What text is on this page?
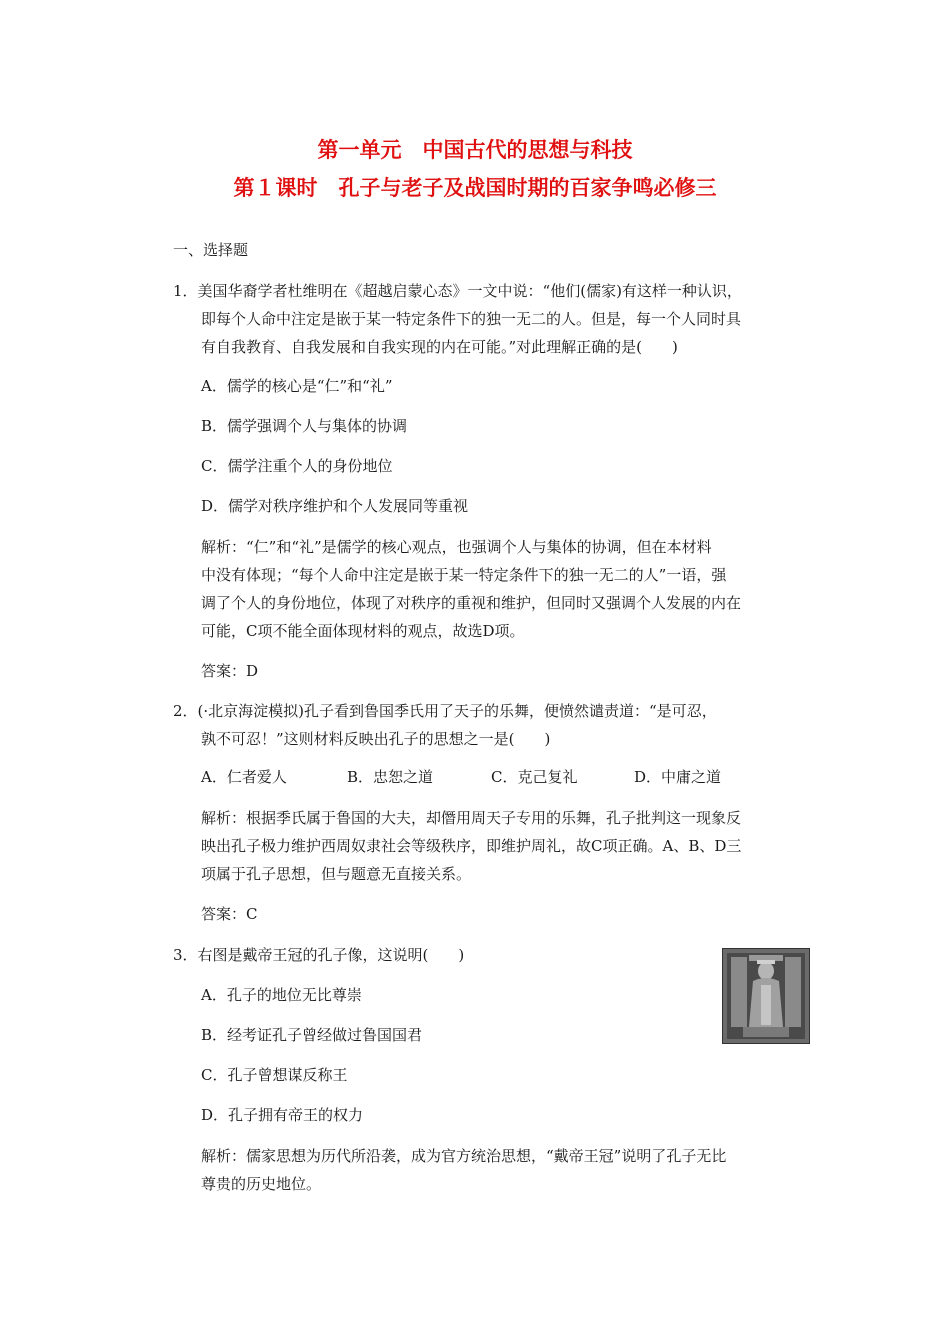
第一单元　中国古代的思想与科技
第１课时　孔子与老子及战国时期的百家争鸣必修三
一、选择题
1．美国华裔学者杜维明在《超越启蒙心态》一文中说：“他们(儒家)有这样一种认识，
即每个人命中注定是嵌于某一特定条件下的独一无二的人。但是，每一个人同时具
有自我教育、自我发展和自我实现的内在可能。”对此理解正确的是(　　)
A．儒学的核心是“仁”和“礼”
B．儒学强调个人与集体的协调
C．儒学注重个人的身份地位
D．儒学对秩序维护和个人发展同等重视
解析：“仁”和“礼”是儒学的核心观点，也强调个人与集体的协调，但在本材料
中没有体现；“每个人命中注定是嵌于某一特定条件下的独一无二的人”一语，强
调了个人的身份地位，体现了对秩序的重视和维护，但同时又强调个人发展的内在
可能，C项不能全面体现材料的观点，故选D项。
答案：D
2．(·北京海淀模拟)孔子看到鲁国季氏用了天子的乐舞，便愤然谴责道：“是可忍，
孰不可忍！”这则材料反映出孔子的思想之一是(　　)
A．仁者爱人	B．忠恕之道	C．克己复礼	D．中庸之道
解析：根据季氏属于鲁国的大夫，却僭用周天子专用的乐舞，孔子批判这一现象反
映出孔子极力维护西周奴隶社会等级秩序，即维护周礼，故C项正确。A、B、D三
项属于孔子思想，但与题意无直接关系。
答案：C
3．右图是戴帝王冠的孔子像，这说明(　　)
A．孔子的地位无比尊崇
B．经考证孔子曾经做过鲁国国君
C．孔子曾想谋反称王
D．孔子拥有帝王的权力
解析：儒家思想为历代所沿袭，成为官方统治思想，“戴帝王冠”说明了孔子无比
尊贵的历史地位。
